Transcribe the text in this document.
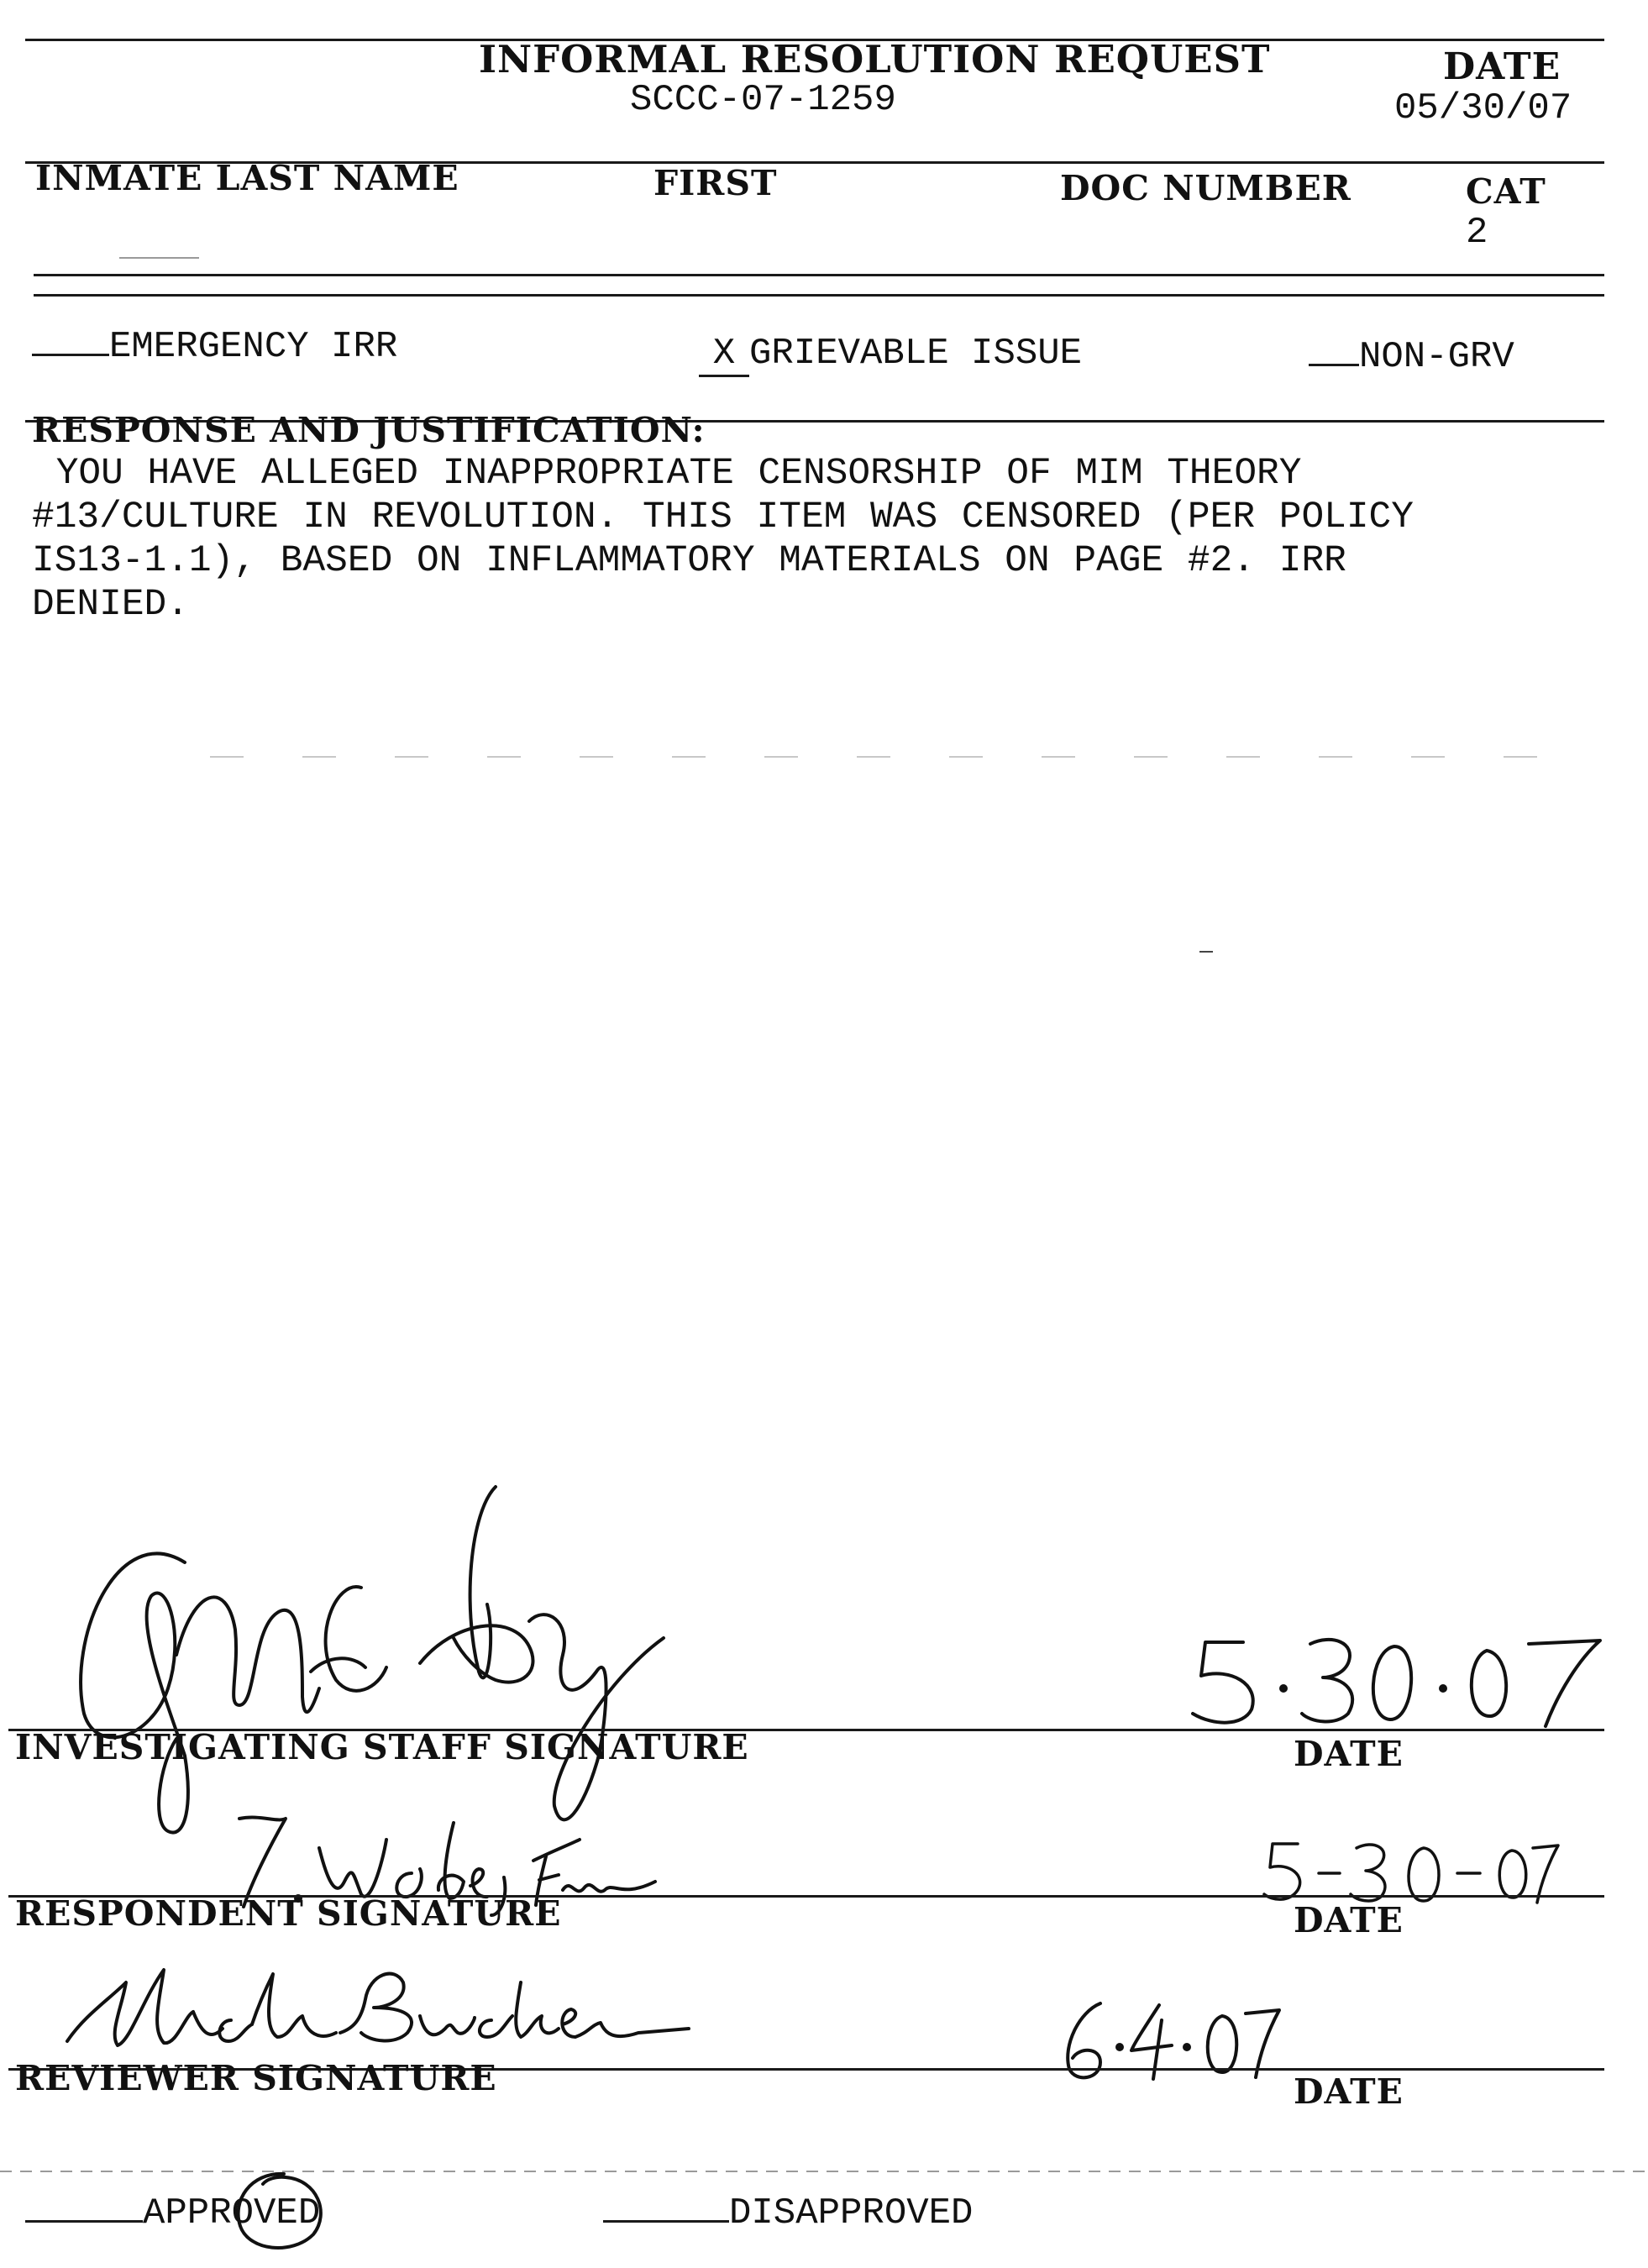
INFORMAL RESOLUTION REQUEST
SCCC-07-1259
DATE
05/30/07
INMATE LAST NAME	FIRST	DOC NUMBER	CAT
2
EMERGENCY IRR	X GRIEVABLE ISSUE	NON-GRV
RESPONSE AND JUSTIFICATION:
YOU HAVE ALLEGED INAPPROPRIATE CENSORSHIP OF MIM THEORY
#13/CULTURE IN REVOLUTION. THIS ITEM WAS CENSORED (PER POLICY
IS13-1.1), BASED ON INFLAMMATORY MATERIALS ON PAGE #2. IRR
DENIED.
INVESTIGATING STAFF SIGNATURE	DATE
RESPONDENT SIGNATURE	DATE
REVIEWER SIGNATURE	DATE
APPROVED	DISAPPROVED
